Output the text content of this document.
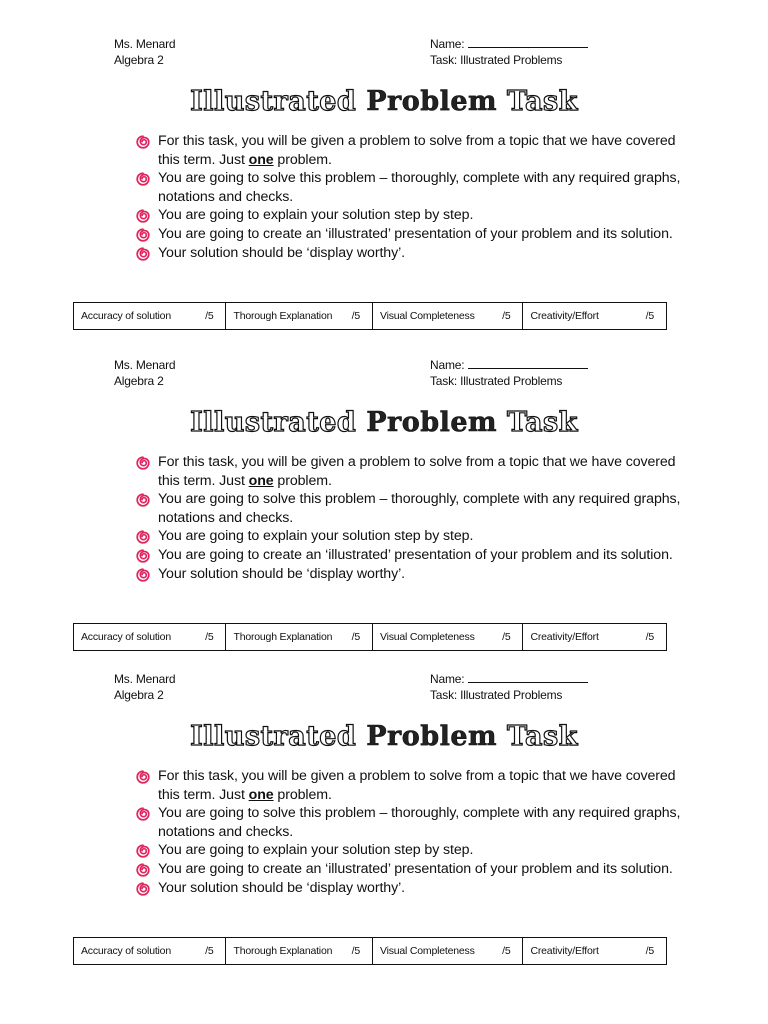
Ms. Menard
Algebra 2
Name:
Task: Illustrated Problems
Illustrated Problem Task
For this task, you will be given a problem to solve from a topic that we have covered this term. Just one problem.
You are going to solve this problem – thoroughly, complete with any required graphs, notations and checks.
You are going to explain your solution step by step.
You are going to create an ‘illustrated’ presentation of your problem and its solution.
Your solution should be ‘display worthy’.
Accuracy of solution	/5 Thorough Explanation /5 Visual Completeness	/5 Creativity/Effort	/5
Ms. Menard
Algebra 2
Name:
Task: Illustrated Problems
Illustrated Problem Task
For this task, you will be given a problem to solve from a topic that we have covered this term. Just one problem.
You are going to solve this problem – thoroughly, complete with any required graphs, notations and checks.
You are going to explain your solution step by step.
You are going to create an ‘illustrated’ presentation of your problem and its solution.
Your solution should be ‘display worthy’.
Accuracy of solution	/5 Thorough Explanation /5 Visual Completeness	/5 Creativity/Effort	/5
Ms. Menard
Algebra 2
Name:
Task: Illustrated Problems
Illustrated Problem Task
For this task, you will be given a problem to solve from a topic that we have covered this term. Just one problem.
You are going to solve this problem – thoroughly, complete with any required graphs, notations and checks.
You are going to explain your solution step by step.
You are going to create an ‘illustrated’ presentation of your problem and its solution.
Your solution should be ‘display worthy’.
Accuracy of solution	/5 Thorough Explanation /5 Visual Completeness	/5 Creativity/Effort	/5
